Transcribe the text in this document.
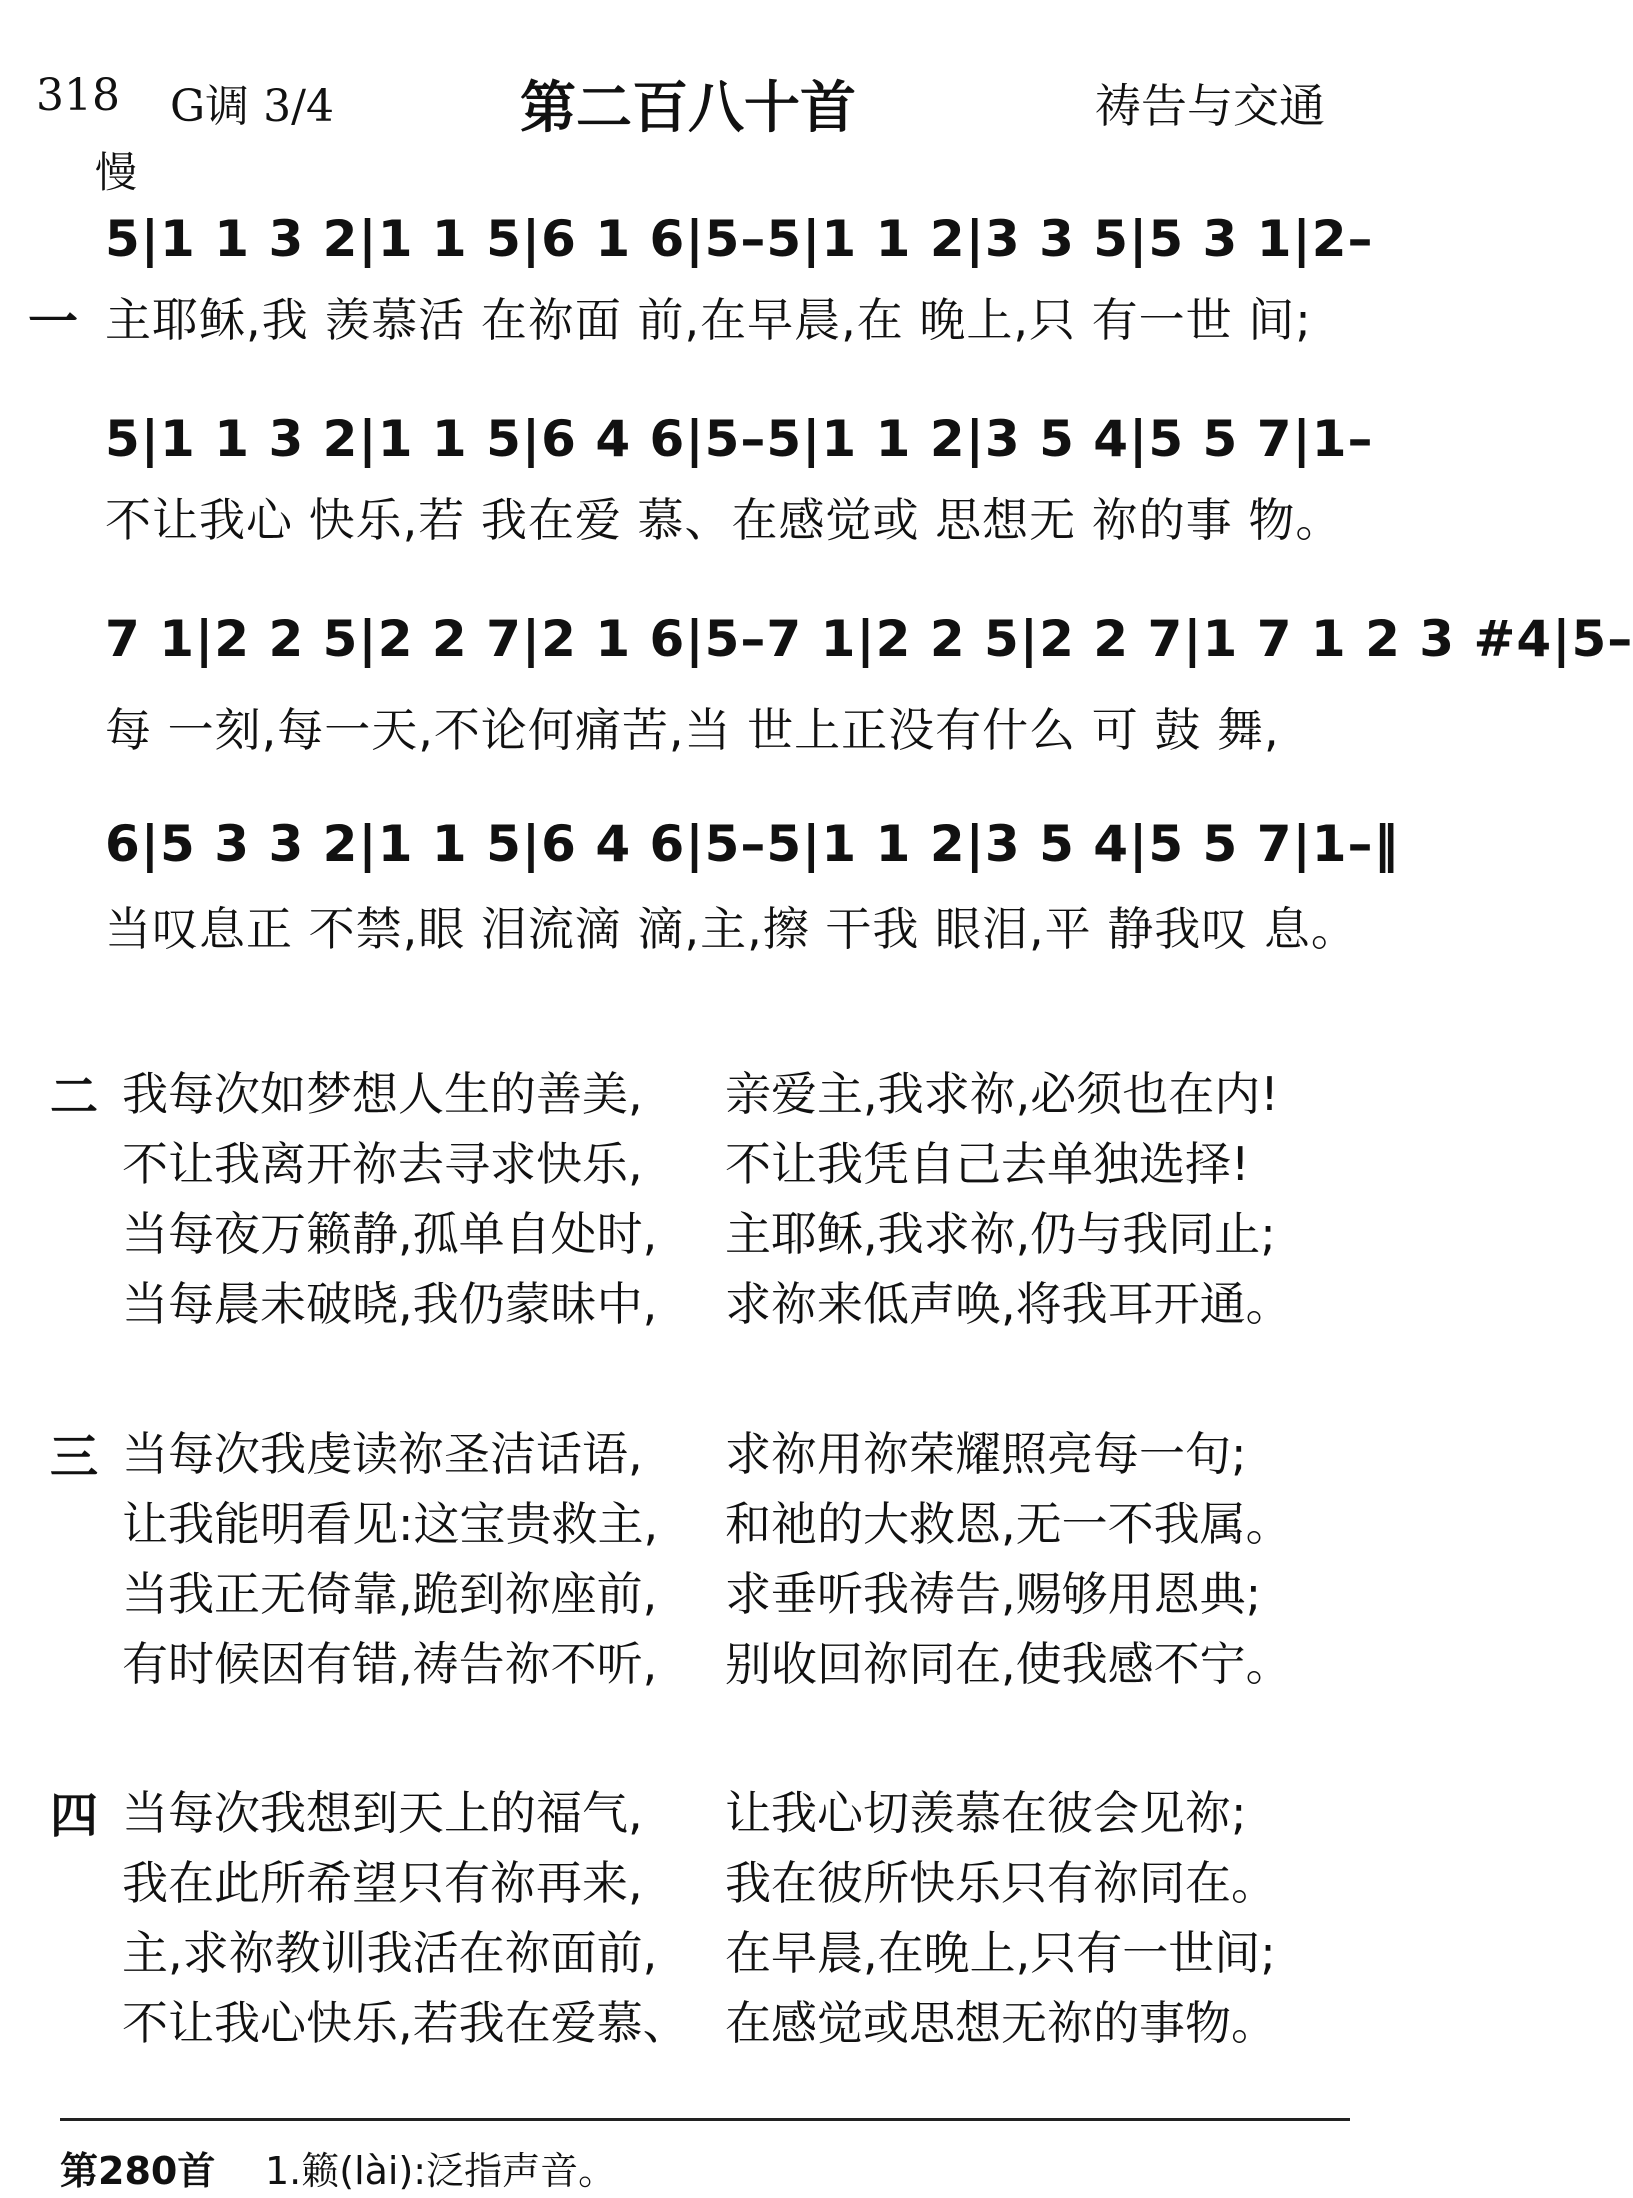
318 G调 3/4	第二百八十首	祷告与交通
慢
5|1 1 3 2|1 1 5|6 1 6|5–5|1 1 2|3 3 5|5 3 1|2–
一 主耶稣,我 羡慕活 在祢面 前,在早晨,在 晚上,只 有一世 间;
5|1 1 3 2|1 1 5|6 4 6|5–5|1 1 2|3 5 4|5 5 7|1–
不让我心 快乐,若 我在爱 慕、在感觉或 思想无 祢的事 物。
7 1|2 2 5|2 2 7|2 1 6|5–7 1|2 2 5|2 2 7|1 7 1 2 3 #4|5–
每 一刻,每一天,不论何痛苦,当 世上正没有什么 可 鼓 舞,
6|5 3 3 2|1 1 5|6 4 6|5–5|1 1 2|3 5 4|5 5 7|1–‖
当叹息正 不禁,眼 泪流滴 滴,主,擦 干我 眼泪,平 静我叹 息。
二 我每次如梦想人生的善美, 亲爱主,我求祢,必须也在内!
不让我离开祢去寻求快乐, 不让我凭自己去单独选择!
当每夜万籁静,孤单自处时, 主耶稣,我求祢,仍与我同止;
当每晨未破晓,我仍蒙昧中, 求祢来低声唤,将我耳开通。
三 当每次我虔读祢圣洁话语, 求祢用祢荣耀照亮每一句;
让我能明看见:这宝贵救主, 和祂的大救恩,无一不我属。
当我正无倚靠,跪到祢座前, 求垂听我祷告,赐够用恩典;
有时候因有错,祷告祢不听, 别收回祢同在,使我感不宁。
四 当每次我想到天上的福气, 让我心切羡慕在彼会见祢;
我在此所希望只有祢再来, 我在彼所快乐只有祢同在。
主,求祢教训我活在祢面前, 在早晨,在晚上,只有一世间;
不让我心快乐,若我在爱慕、 在感觉或思想无祢的事物。
第280首 1.籁(lài):泛指声音。
